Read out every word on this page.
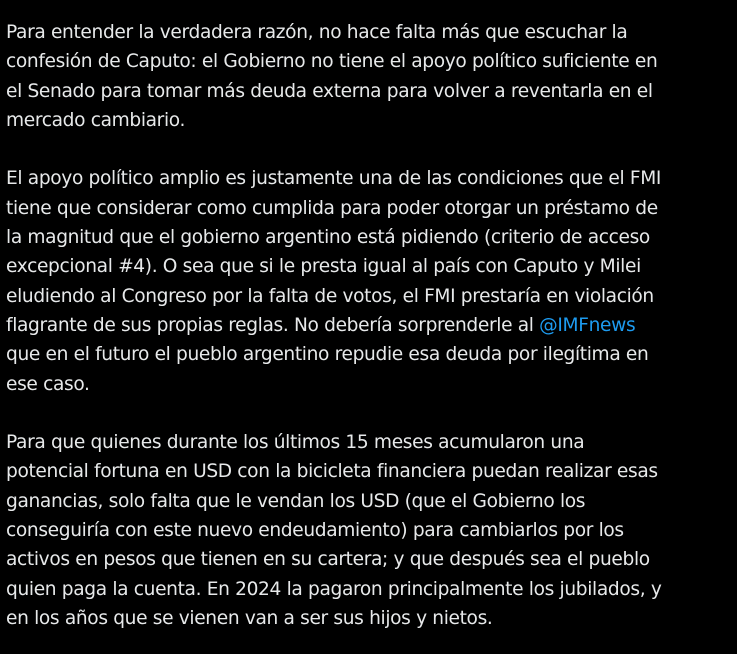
Para entender la verdadera razón, no hace falta más que escuchar la
confesión de Caputo: el Gobierno no tiene el apoyo político suficiente en
el Senado para tomar más deuda externa para volver a reventarla en el
mercado cambiario.

El apoyo político amplio es justamente una de las condiciones que el FMI
tiene que considerar como cumplida para poder otorgar un préstamo de
la magnitud que el gobierno argentino está pidiendo (criterio de acceso
excepcional #4). O sea que si le presta igual al país con Caputo y Milei
eludiendo al Congreso por la falta de votos, el FMI prestaría en violación
flagrante de sus propias reglas. No debería sorprenderle al @IMFnews
que en el futuro el pueblo argentino repudie esa deuda por ilegítima en
ese caso.

Para que quienes durante los últimos 15 meses acumularon una
potencial fortuna en USD con la bicicleta financiera puedan realizar esas
ganancias, solo falta que le vendan los USD (que el Gobierno los
conseguiría con este nuevo endeudamiento) para cambiarlos por los
activos en pesos que tienen en su cartera; y que después sea el pueblo
quien paga la cuenta. En 2024 la pagaron principalmente los jubilados, y
en los años que se vienen van a ser sus hijos y nietos.
